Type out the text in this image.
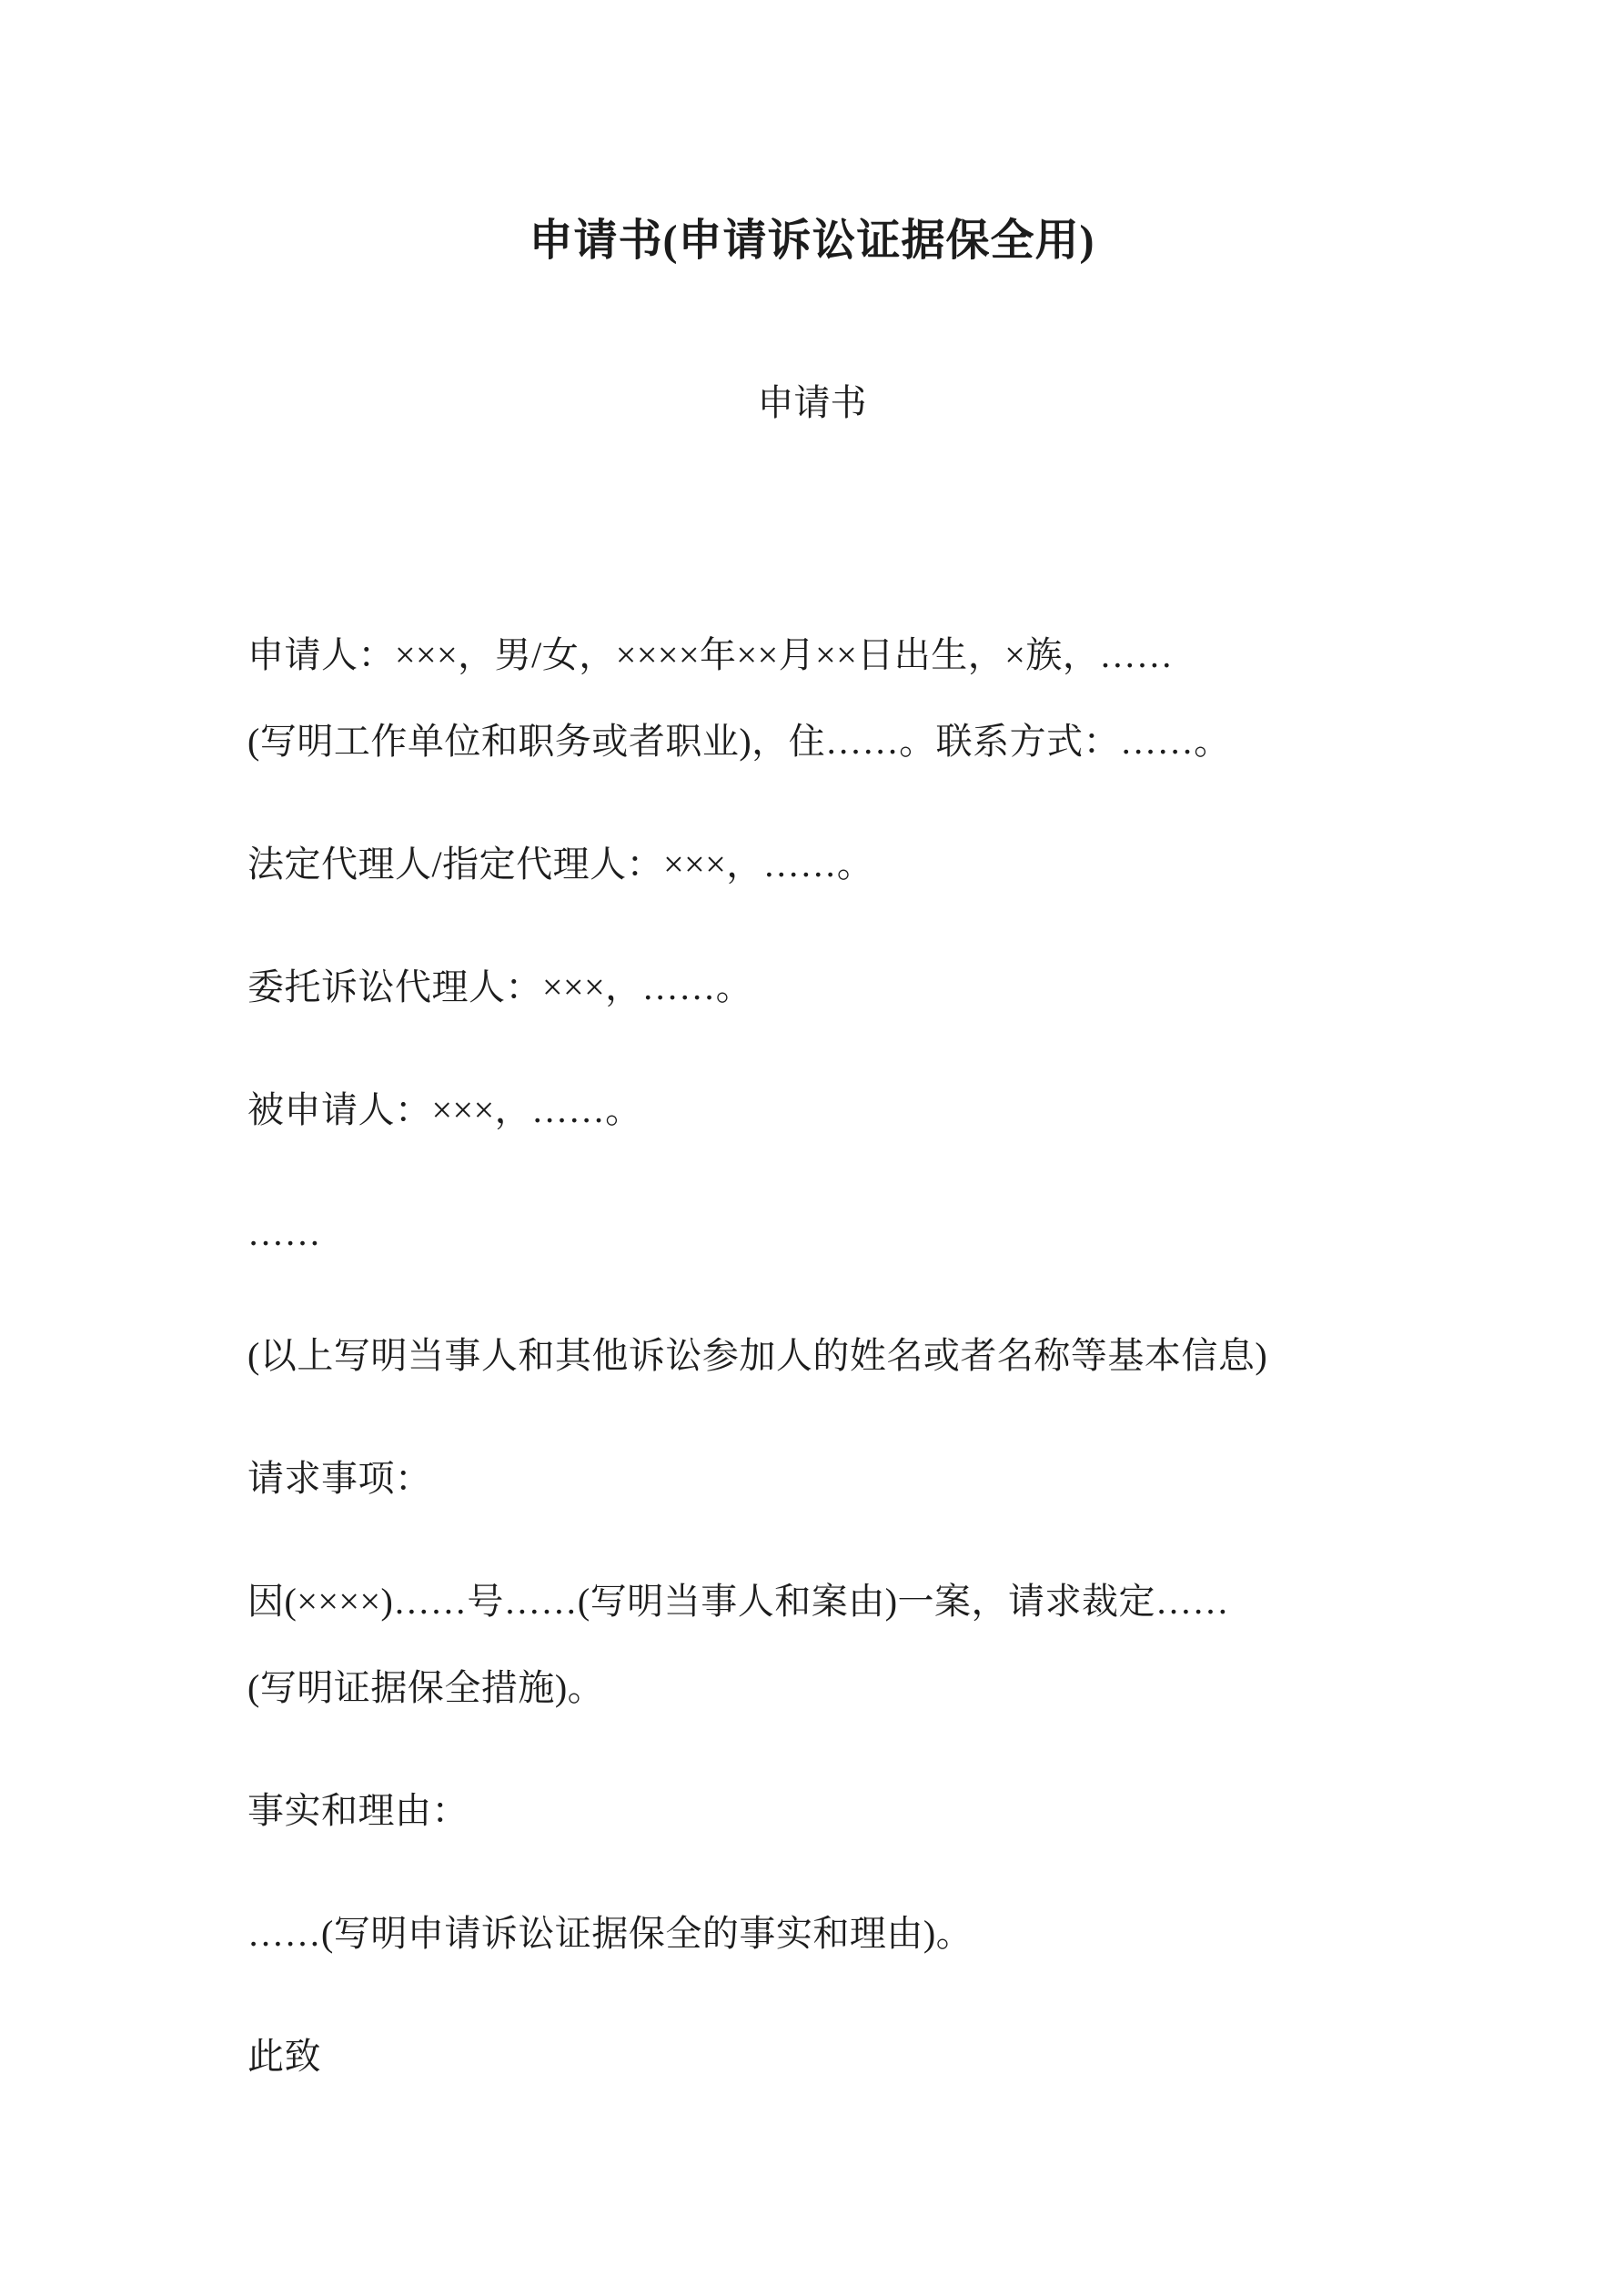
申请书(申请诉讼证据保全用)
申请书
申请人：×××，男/女，××××年××月××日出生，×族，……
(写明工作单位和职务或者职业)，住……。联系方式：……。
法定代理人/指定代理人：×××，……。
委托诉讼代理人：×××，……。
被申请人：×××，……。
……
(以上写明当事人和其他诉讼参加人的姓名或者名称等基本信息)
请求事项：
因(××××)……号……(写明当事人和案由)一案，请求裁定……
(写明证据保全措施)。
事实和理由：
……(写明申请诉讼证据保全的事实和理由)。
此致
